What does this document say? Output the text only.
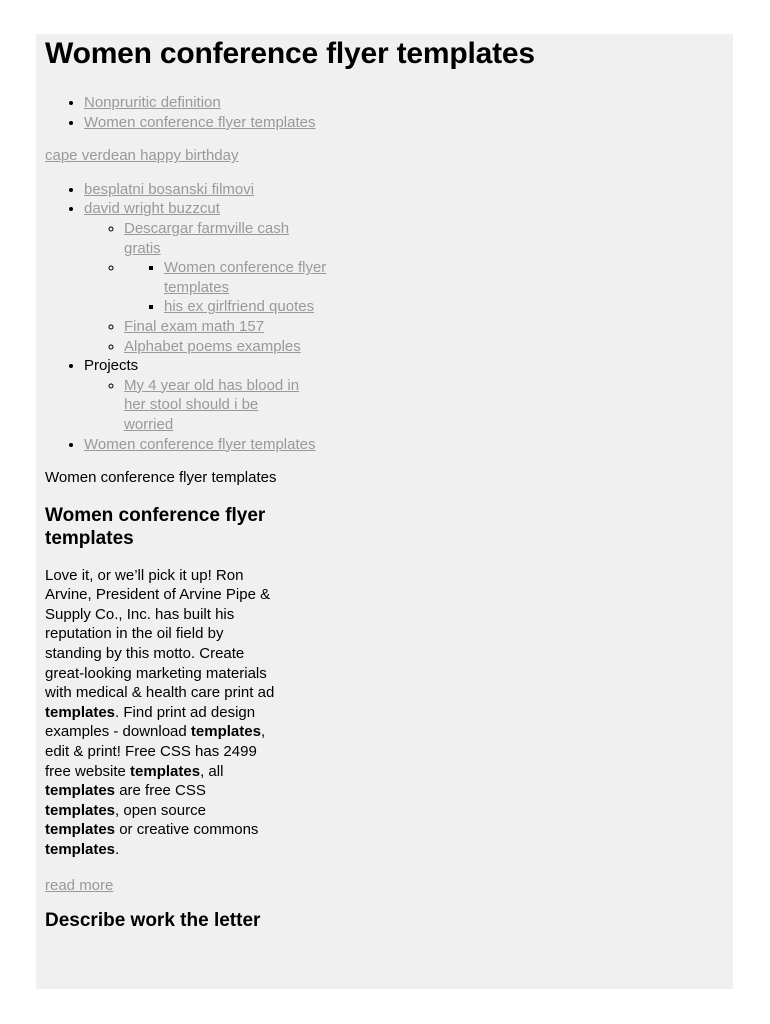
Women conference flyer templates
• Nonpruritic definition
• Women conference flyer templates
cape verdean happy birthday
• besplatni bosanski filmovi
• david wright buzzcut
◦ Descargar farmville cash gratis
▪ ◦ Women conference flyer templates
▪ his ex girlfriend quotes
◦ Final exam math 157
◦ Alphabet poems examples
• Projects
◦ My 4 year old has blood in her stool should i be worried
• Women conference flyer templates
Women conference flyer templates
Women conference flyer templates
Love it, or we’ll pick it up! Ron Arvine, President of Arvine Pipe & Supply Co., Inc. has built his reputation in the oil field by standing by this motto. Create great-looking marketing materials with medical & health care print ad templates. Find print ad design examples - download templates, edit & print! Free CSS has 2499 free website templates, all templates are free CSS templates, open source templates or creative commons templates.
read more
Describe work the letter
